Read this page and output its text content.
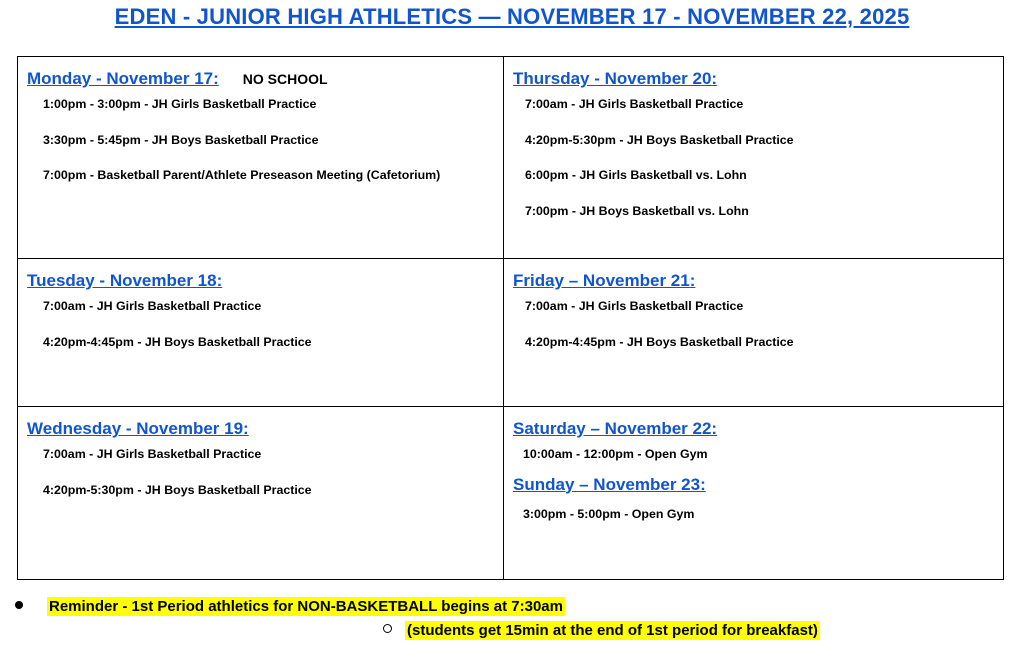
EDEN - JUNIOR HIGH ATHLETICS — NOVEMBER 17 - NOVEMBER 22, 2025
Monday - November 17: NO SCHOOL
1:00pm - 3:00pm - JH Girls Basketball Practice
3:30pm - 5:45pm - JH Boys Basketball Practice
7:00pm - Basketball Parent/Athlete Preseason Meeting (Cafetorium)
Thursday - November 20:
7:00am - JH Girls Basketball Practice
4:20pm-5:30pm - JH Boys Basketball Practice
6:00pm - JH Girls Basketball vs. Lohn
7:00pm - JH Boys Basketball vs. Lohn
Tuesday - November 18:
7:00am - JH Girls Basketball Practice
4:20pm-4:45pm - JH Boys Basketball Practice
Friday – November 21:
7:00am - JH Girls Basketball Practice
4:20pm-4:45pm - JH Boys Basketball Practice
Wednesday - November 19:
7:00am - JH Girls Basketball Practice
4:20pm-5:30pm - JH Boys Basketball Practice
Saturday – November 22:
10:00am - 12:00pm - Open Gym
Sunday – November 23:
3:00pm - 5:00pm - Open Gym
Reminder - 1st Period athletics for NON-BASKETBALL begins at 7:30am
(students get 15min at the end of 1st period for breakfast)
